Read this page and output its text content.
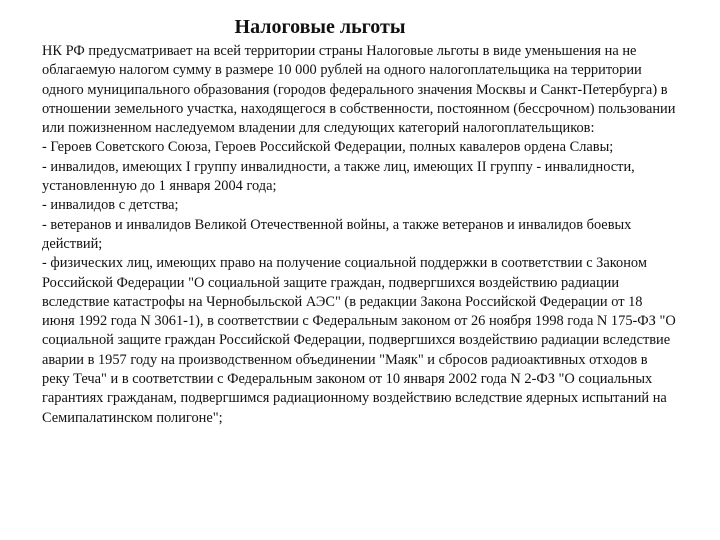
Налоговые льготы

НК РФ предусматривает на всей территории страны Налоговые льготы в виде уменьшения на не облагаемую налогом сумму в размере 10 000 рублей на одного налогоплательщика на территории одного муниципального образования (городов федерального значения Москвы и Санкт-Петербурга) в отношении земельного участка, находящегося в собственности, постоянном (бессрочном) пользовании или пожизненном наследуемом владении для следующих категорий налогоплательщиков:

- Героев Советского Союза, Героев Российской Федерации, полных кавалеров ордена Славы;

- инвалидов, имеющих I группу инвалидности, а также лиц, имеющих II группу - инвалидности, установленную до 1 января 2004 года;

- инвалидов с детства;

- ветеранов и инвалидов Великой Отечественной войны, а также ветеранов и инвалидов боевых действий;

- физических лиц, имеющих право на получение социальной поддержки в соответствии с Законом Российской Федерации "О социальной защите граждан, подвергшихся воздействию радиации вследствие катастрофы на Чернобыльской АЭС" (в редакции Закона Российской Федерации от 18 июня 1992 года N 3061-1), в соответствии с Федеральным законом от 26 ноября 1998 года N 175-ФЗ "О социальной защите граждан Российской Федерации, подвергшихся воздействию радиации вследствие аварии в 1957 году на производственном объединении "Маяк" и сбросов радиоактивных отходов в реку Теча" и в соответствии с Федеральным законом от 10 января 2002 года N 2-ФЗ "О социальных гарантиях гражданам, подвергшимся радиационному воздействию вследствие ядерных испытаний на Семипалатинском полигоне";
